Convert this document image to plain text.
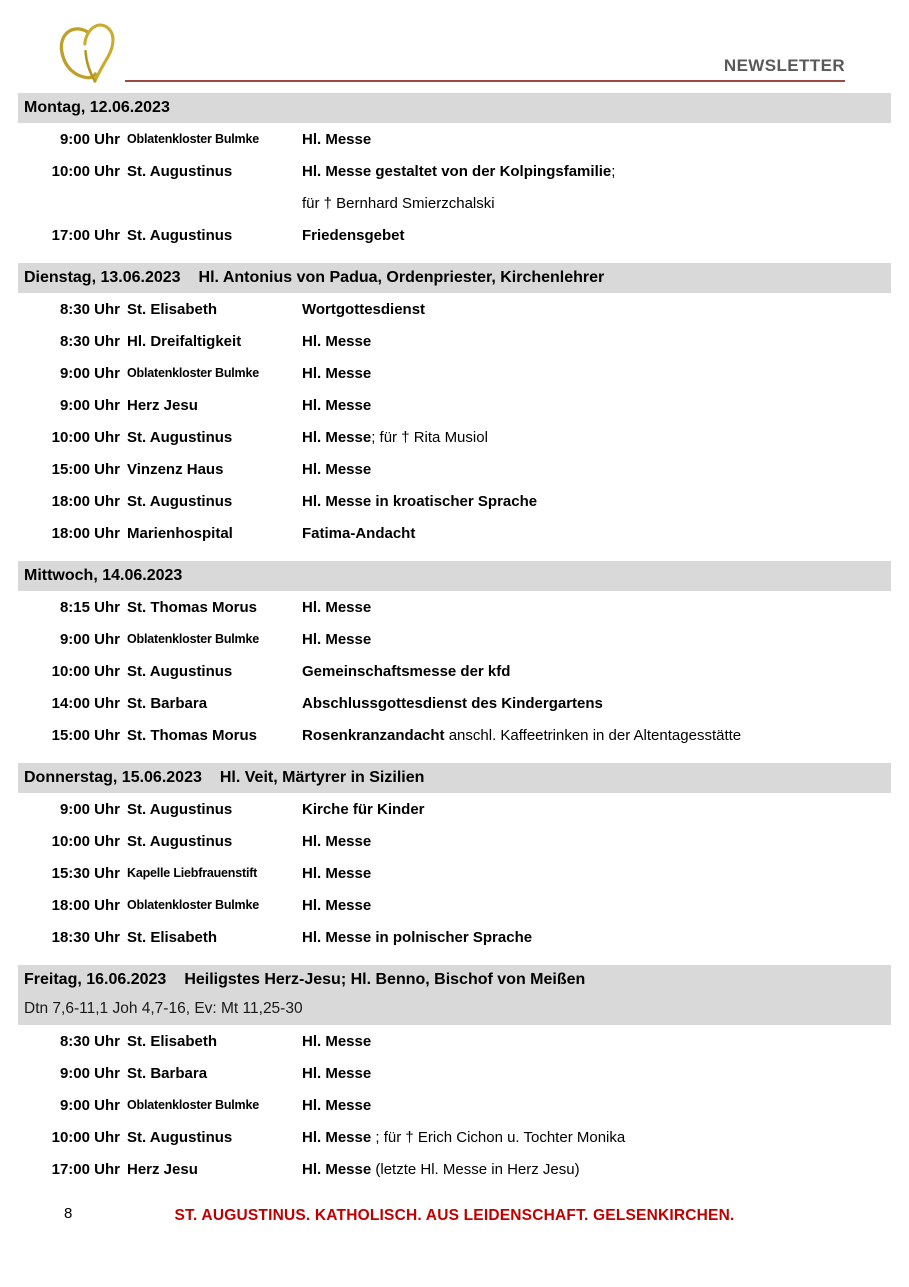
NEWSLETTER
Montag, 12.06.2023
9:00 Uhr Oblatenkloster Bulmke	Hl. Messe
10:00 Uhr St. Augustinus	Hl. Messe gestaltet von der Kolpingsfamilie;
für † Bernhard Smierzchalski
17:00 Uhr St. Augustinus	Friedensgebet
Dienstag, 13.06.2023 Hl. Antonius von Padua, Ordenpriester, Kirchenlehrer
8:30 Uhr St. Elisabeth	Wortgottesdienst
8:30 Uhr Hl. Dreifaltigkeit	Hl. Messe
9:00 Uhr Oblatenkloster Bulmke	Hl. Messe
9:00 Uhr Herz Jesu	Hl. Messe
10:00 Uhr St. Augustinus	Hl. Messe; für † Rita Musiol
15:00 Uhr Vinzenz Haus	Hl. Messe
18:00 Uhr St. Augustinus	Hl. Messe in kroatischer Sprache
18:00 Uhr Marienhospital	Fatima-Andacht
Mittwoch, 14.06.2023
8:15 Uhr St. Thomas Morus	Hl. Messe
9:00 Uhr Oblatenkloster Bulmke	Hl. Messe
10:00 Uhr St. Augustinus	Gemeinschaftsmesse der kfd
14:00 Uhr St. Barbara	Abschlussgottesdienst des Kindergartens
15:00 Uhr St. Thomas Morus	Rosenkranzandacht anschl. Kaffeetrinken in der Altentagesstätte
Donnerstag, 15.06.2023 Hl. Veit, Märtyrer in Sizilien
9:00 Uhr St. Augustinus	Kirche für Kinder
10:00 Uhr St. Augustinus	Hl. Messe
15:30 Uhr Kapelle Liebfrauenstift	Hl. Messe
18:00 Uhr Oblatenkloster Bulmke	Hl. Messe
18:30 Uhr St. Elisabeth	Hl. Messe in polnischer Sprache
Freitag, 16.06.2023 Heiligstes Herz-Jesu; Hl. Benno, Bischof von Meißen
Dtn 7,6-11,1 Joh 4,7-16, Ev: Mt 11,25-30
8:30 Uhr St. Elisabeth	Hl. Messe
9:00 Uhr St. Barbara	Hl. Messe
9:00 Uhr Oblatenkloster Bulmke	Hl. Messe
10:00 Uhr St. Augustinus	Hl. Messe ; für † Erich Cichon u. Tochter Monika
17:00 Uhr Herz Jesu	Hl. Messe (letzte Hl. Messe in Herz Jesu)
8	ST. AUGUSTINUS. KATHOLISCH. AUS LEIDENSCHAFT. GELSENKIRCHEN.
